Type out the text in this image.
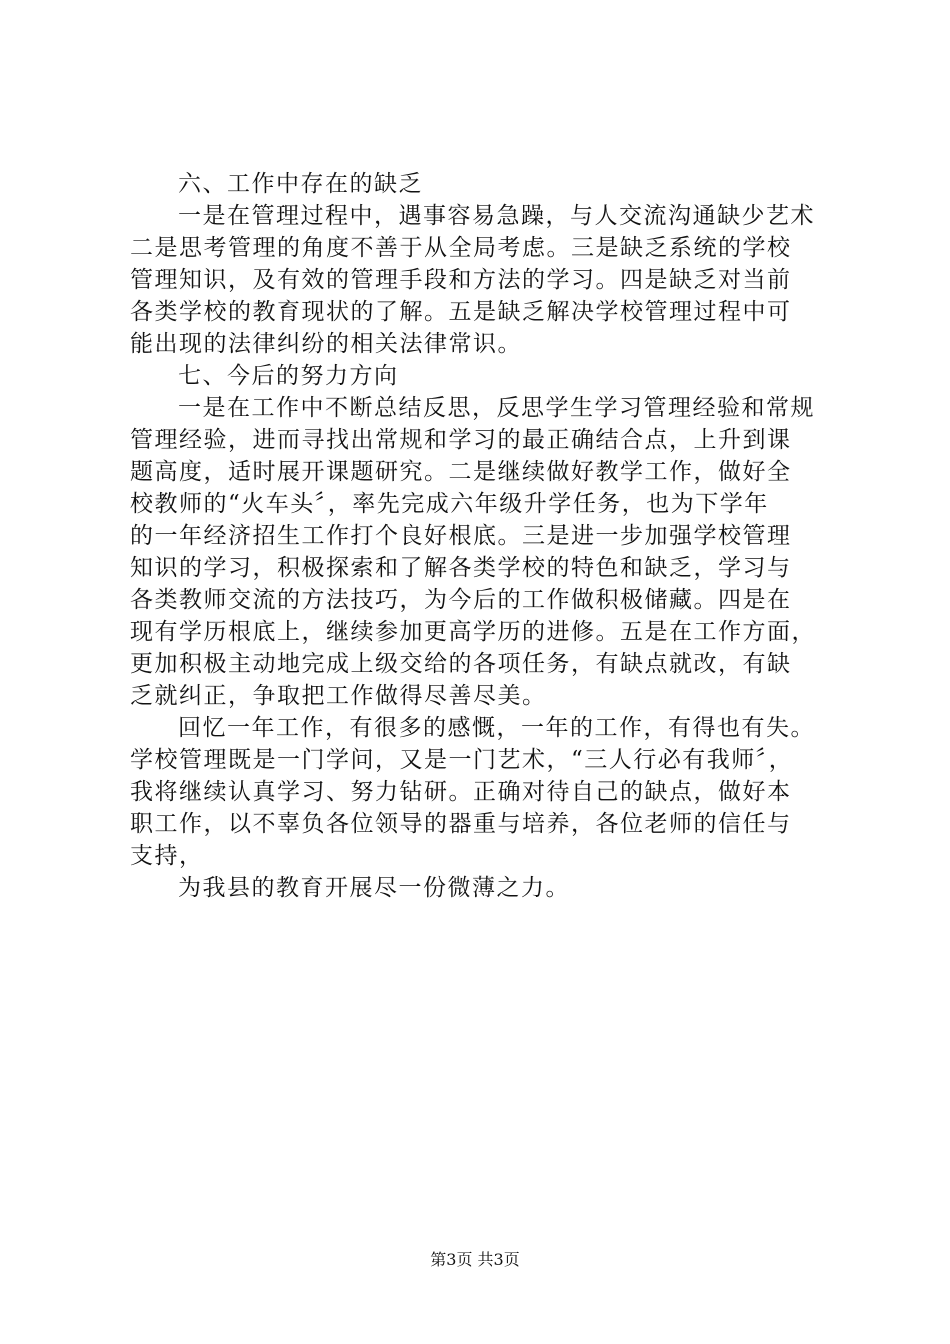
六、工作中存在的缺乏
一是在管理过程中，遇事容易急躁，与人交流沟通缺少艺术
二是思考管理的角度不善于从全局考虑。三是缺乏系统的学校
管理知识，及有效的管理手段和方法的学习。四是缺乏对当前
各类学校的教育现状的了解。五是缺乏解决学校管理过程中可
能出现的法律纠纷的相关法律常识。
七、今后的努力方向
一是在工作中不断总结反思，反思学生学习管理经验和常规
管理经验，进而寻找出常规和学习的最正确结合点，上升到课
题高度，适时展开课题研究。二是继续做好教学工作，做好全
校教师的“火车头〞，率先完成六年级升学任务，也为下学年
的一年经济招生工作打个良好根底。三是进一步加强学校管理
知识的学习，积极探索和了解各类学校的特色和缺乏，学习与
各类教师交流的方法技巧，为今后的工作做积极储藏。四是在
现有学历根底上，继续参加更高学历的进修。五是在工作方面，
更加积极主动地完成上级交给的各项任务，有缺点就改，有缺
乏就纠正，争取把工作做得尽善尽美。
回忆一年工作，有很多的感慨，一年的工作，有得也有失。
学校管理既是一门学问，又是一门艺术，“三人行必有我师〞，
我将继续认真学习、努力钻研。正确对待自己的缺点，做好本
职工作，以不辜负各位领导的器重与培养，各位老师的信任与
支持，
为我县的教育开展尽一份微薄之力。
第3页 共3页
